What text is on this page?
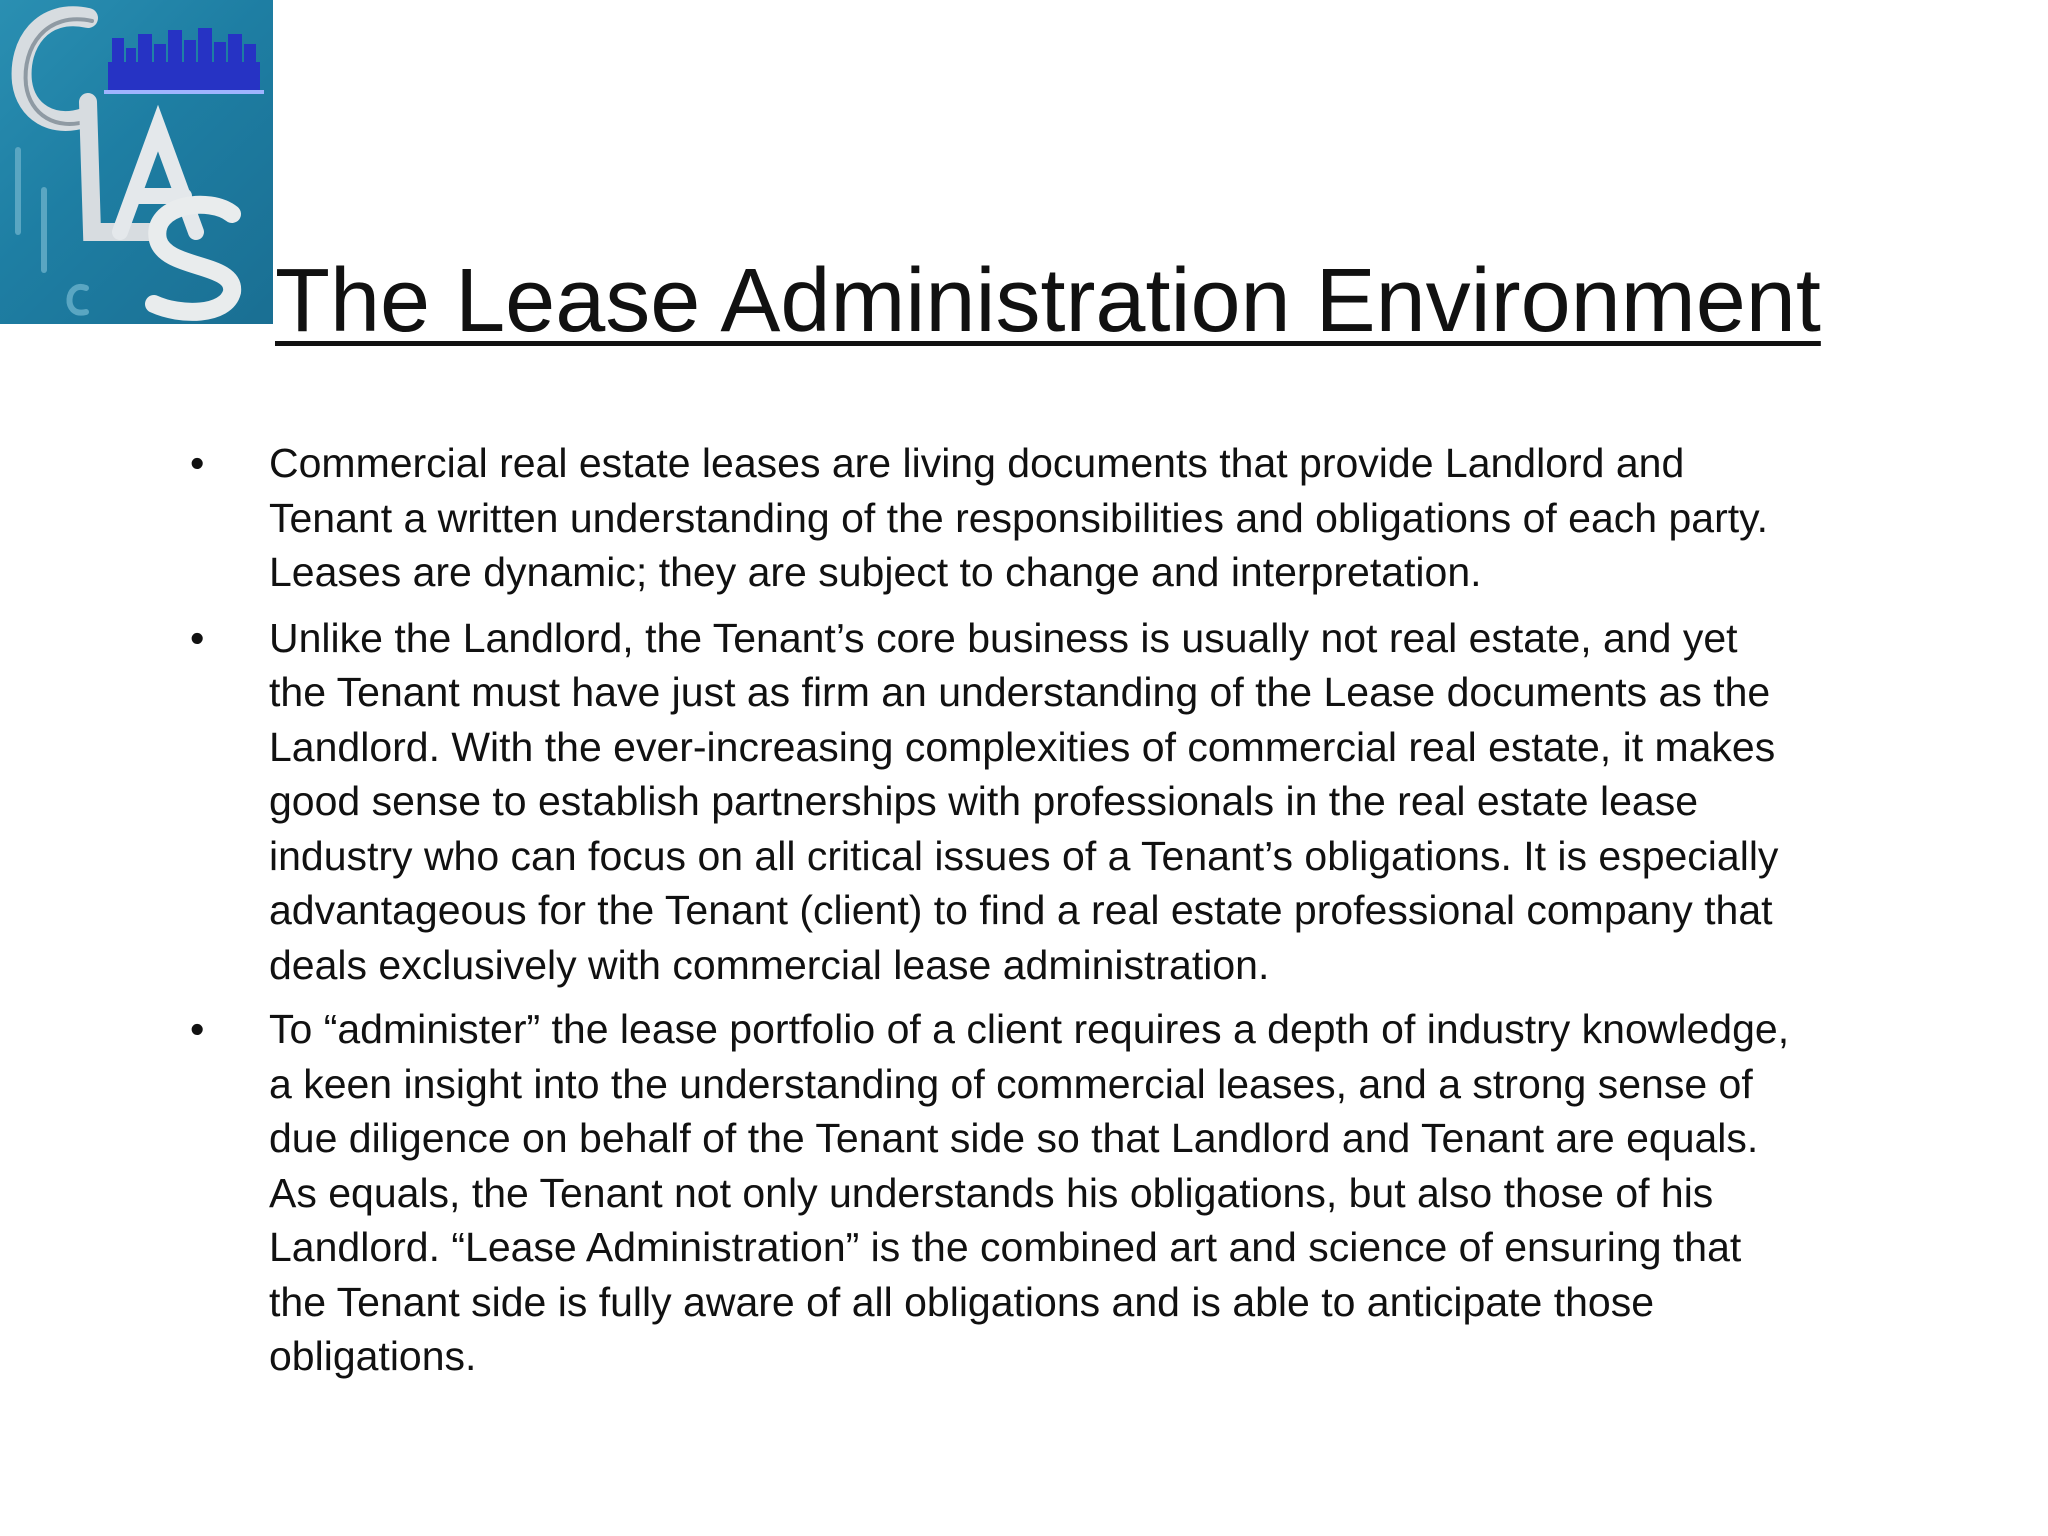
The Lease Administration Environment
• Commercial real estate leases are living documents that provide Landlord and
Tenant a written understanding of the responsibilities and obligations of each party.
Leases are dynamic; they are subject to change and interpretation.
• Unlike the Landlord, the Tenant’s core business is usually not real estate, and yet
the Tenant must have just as firm an understanding of the Lease documents as the
Landlord. With the ever-increasing complexities of commercial real estate, it makes
good sense to establish partnerships with professionals in the real estate lease
industry who can focus on all critical issues of a Tenant’s obligations. It is especially
advantageous for the Tenant (client) to find a real estate professional company that
deals exclusively with commercial lease administration.
• To “administer” the lease portfolio of a client requires a depth of industry knowledge,
a keen insight into the understanding of commercial leases, and a strong sense of
due diligence on behalf of the Tenant side so that Landlord and Tenant are equals.
As equals, the Tenant not only understands his obligations, but also those of his
Landlord. “Lease Administration” is the combined art and science of ensuring that
the Tenant side is fully aware of all obligations and is able to anticipate those
obligations.
